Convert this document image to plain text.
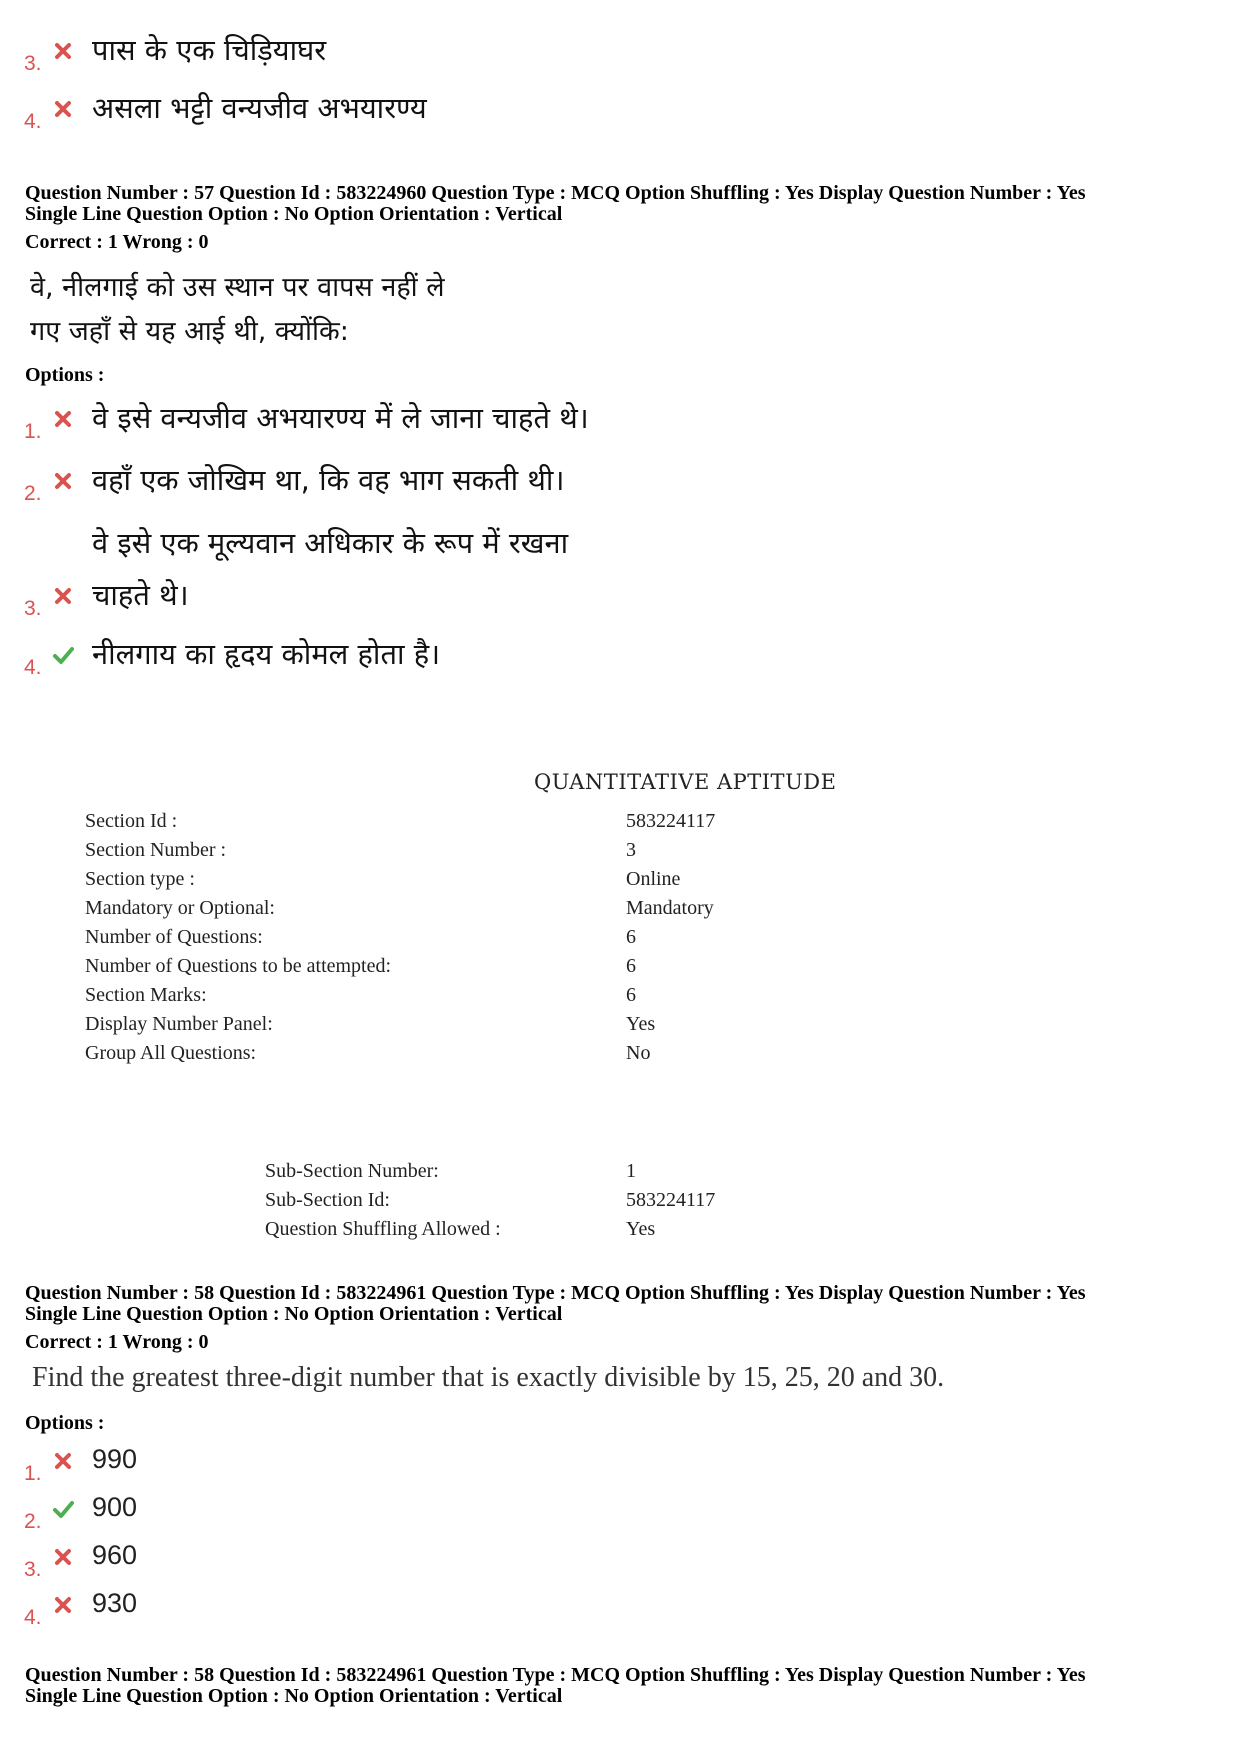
3. पास के एक चिड़ियाघर
4. असला भट्टी वन्यजीव अभयारण्य
Question Number : 57 Question Id : 583224960 Question Type : MCQ Option Shuffling : Yes Display Question Number : Yes
Single Line Question Option : No Option Orientation : Vertical
Correct : 1 Wrong : 0
वे, नीलगाई को उस स्थान पर वापस नहीं ले
गए जहाँ से यह आई थी, क्योंकि:
Options :
1. वे इसे वन्यजीव अभयारण्य में ले जाना चाहते थे।
2. वहाँ एक जोखिम था, कि वह भाग सकती थी।
वे इसे एक मूल्यवान अधिकार के रूप में रखना
3. चाहते थे।
4. नीलगाय का हृदय कोमल होता है।
QUANTITATIVE APTITUDE
Section Id :	583224117
Section Number :	3
Section type :	Online
Mandatory or Optional:	Mandatory
Number of Questions:	6
Number of Questions to be attempted:	6
Section Marks:	6
Display Number Panel:	Yes
Group All Questions:	No
Sub-Section Number:	1
Sub-Section Id:	583224117
Question Shuffling Allowed :	Yes
Question Number : 58 Question Id : 583224961 Question Type : MCQ Option Shuffling : Yes Display Question Number : Yes
Single Line Question Option : No Option Orientation : Vertical
Correct : 1 Wrong : 0
Find the greatest three-digit number that is exactly divisible by 15, 25, 20 and 30.
Options :
1. 990
2. 900
3. 960
4. 930
Question Number : 58 Question Id : 583224961 Question Type : MCQ Option Shuffling : Yes Display Question Number : Yes
Single Line Question Option : No Option Orientation : Vertical
